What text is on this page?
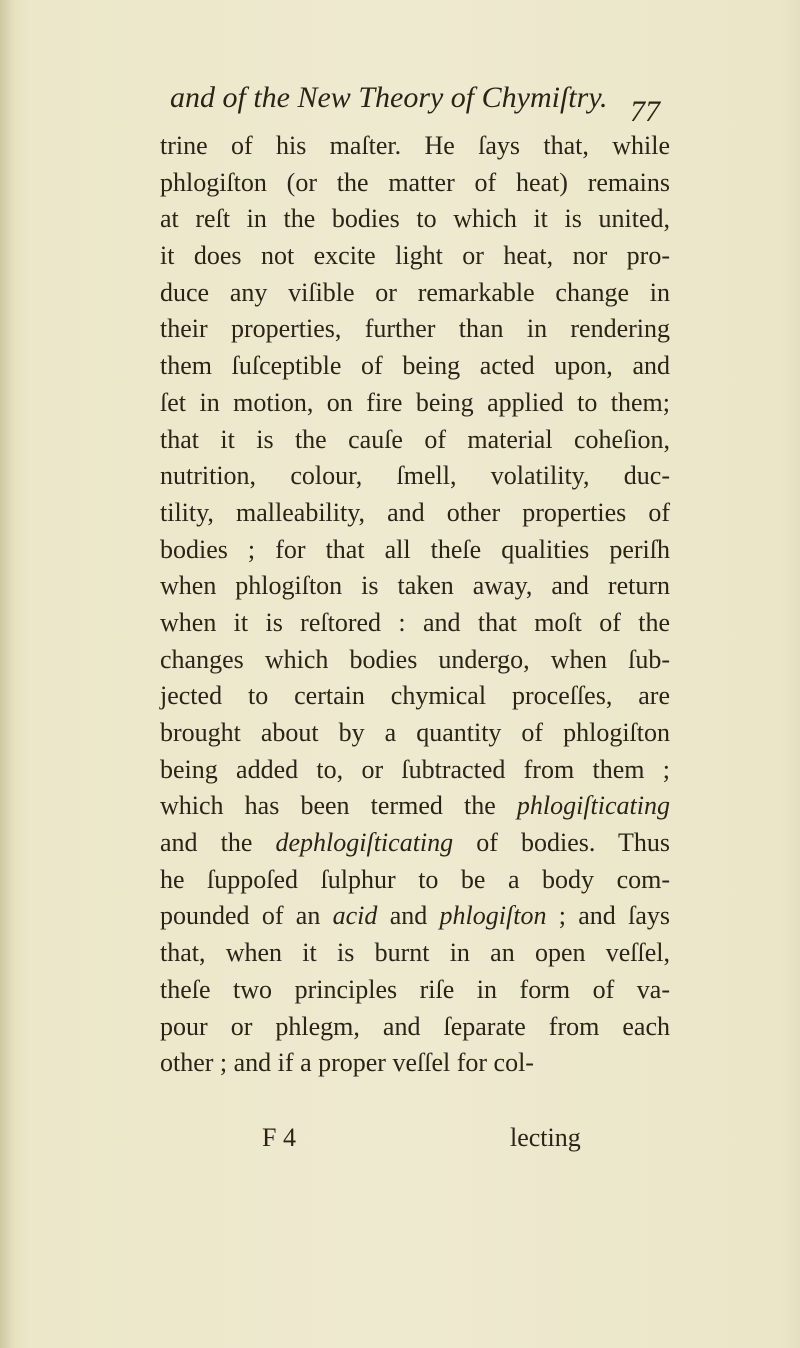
and of the New Theory of Chymiſtry. 77
trine of his maſter. He ſays that, while
phlogiſton (or the matter of heat) remains
at reſt in the bodies to which it is united,
it does not excite light or heat, nor pro-
duce any viſible or remarkable change in
their properties, further than in rendering
them ſuſceptible of being acted upon, and
ſet in motion, on fire being applied to them;
that it is the cauſe of material coheſion,
nutrition, colour, ſmell, volatility, duc-
tility, malleability, and other properties of
bodies ; for that all theſe qualities periſh
when phlogiſton is taken away, and return
when it is reſtored : and that moſt of the
changes which bodies undergo, when ſub-
jected to certain chymical proceſſes, are
brought about by a quantity of phlogiſton
being added to, or ſubtracted from them ;
which has been termed the phlogiſticating
and the dephlogiſticating of bodies. Thus
he ſuppoſed ſulphur to be a body com-
pounded of an acid and phlogiſton ; and ſays
that, when it is burnt in an open veſſel,
theſe two principles riſe in form of va-
pour or phlegm, and ſeparate from each
other ; and if a proper veſſel for col-
F 4	lecting
